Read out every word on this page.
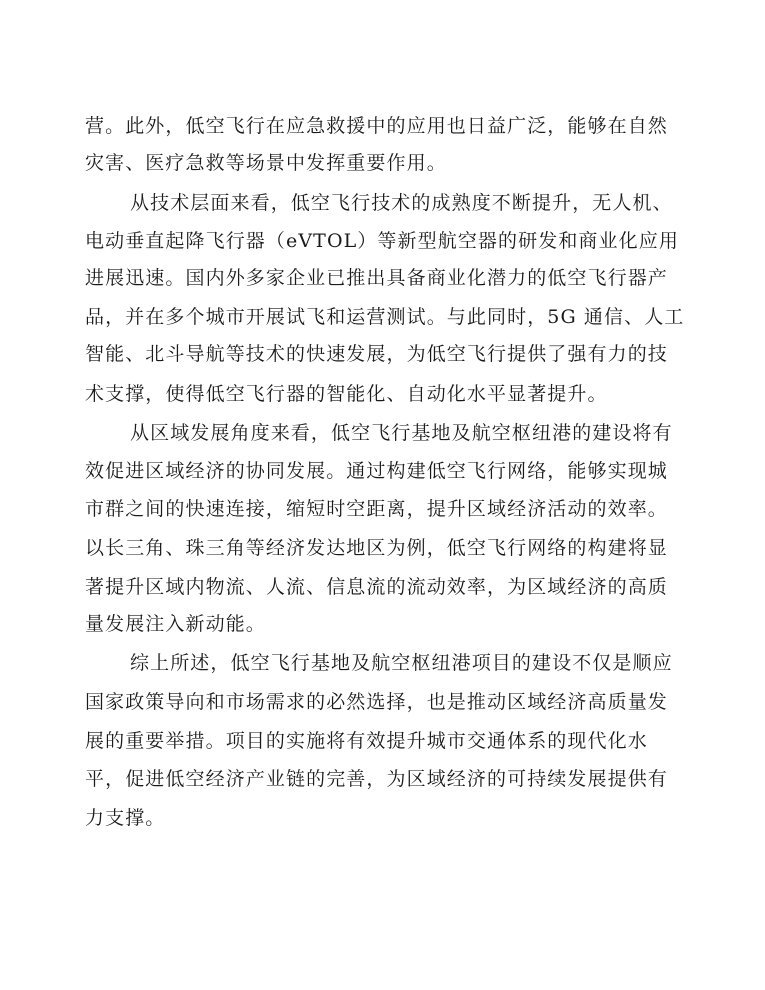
营。此外，低空飞行在应急救援中的应用也日益广泛，能够在自然
灾害、医疗急救等场景中发挥重要作用。
从技术层面来看，低空飞行技术的成熟度不断提升，无人机、
电动垂直起降飞行器（eVTOL）等新型航空器的研发和商业化应用
进展迅速。国内外多家企业已推出具备商业化潜力的低空飞行器产
品，并在多个城市开展试飞和运营测试。与此同时，5G 通信、人工
智能、北斗导航等技术的快速发展，为低空飞行提供了强有力的技
术支撑，使得低空飞行器的智能化、自动化水平显著提升。
从区域发展角度来看，低空飞行基地及航空枢纽港的建设将有
效促进区域经济的协同发展。通过构建低空飞行网络，能够实现城
市群之间的快速连接，缩短时空距离，提升区域经济活动的效率。
以长三角、珠三角等经济发达地区为例，低空飞行网络的构建将显
著提升区域内物流、人流、信息流的流动效率，为区域经济的高质
量发展注入新动能。
综上所述，低空飞行基地及航空枢纽港项目的建设不仅是顺应
国家政策导向和市场需求的必然选择，也是推动区域经济高质量发
展的重要举措。项目的实施将有效提升城市交通体系的现代化水
平，促进低空经济产业链的完善，为区域经济的可持续发展提供有
力支撑。
